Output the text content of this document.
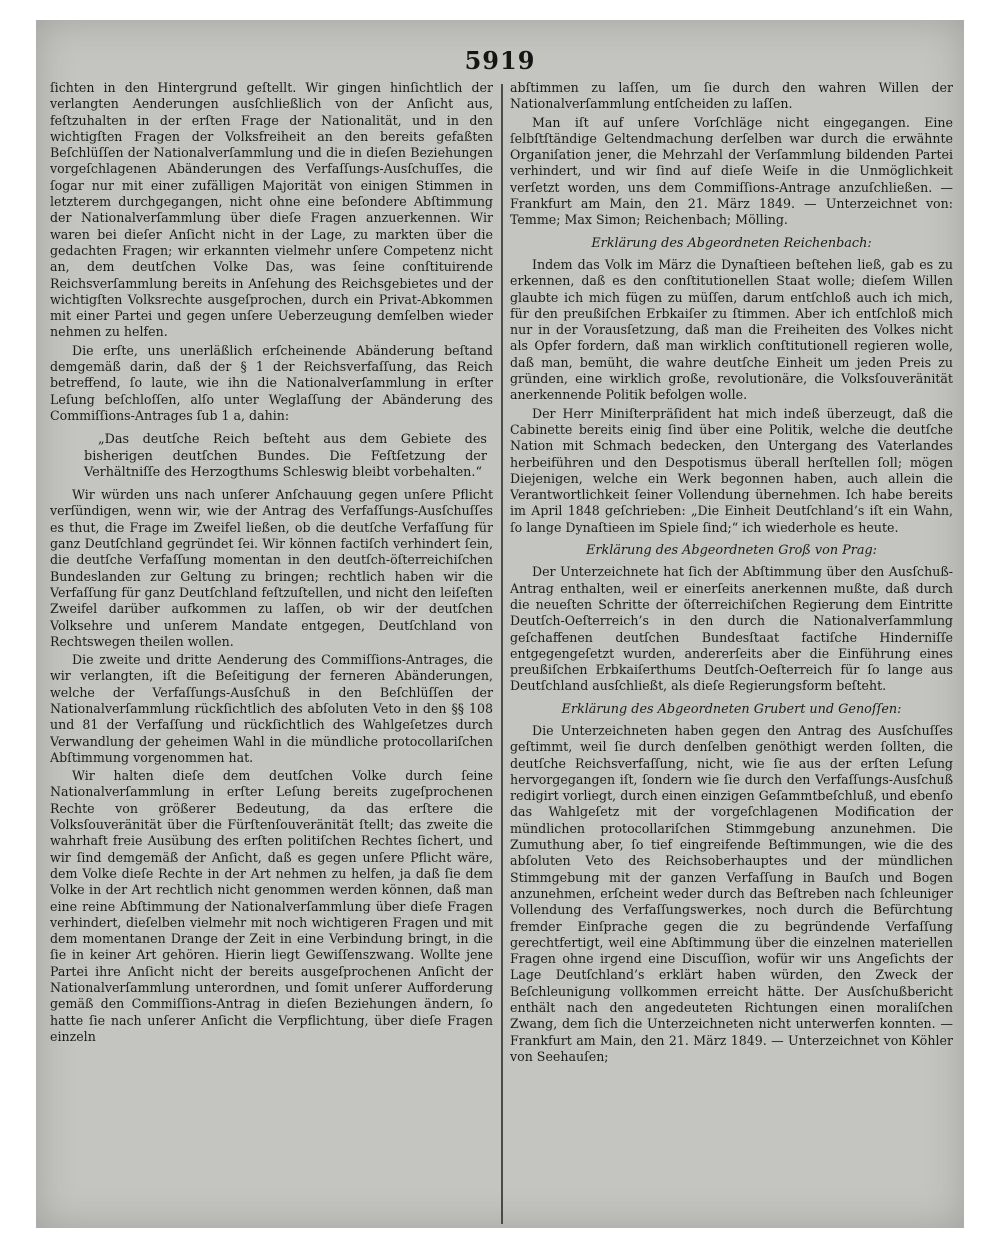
5919

ſichten in den Hintergrund geſtellt. Wir gingen hinſichtlich der verlangten Aenderungen ausſchließlich von der Anſicht aus, feſtzuhalten in der erſten Frage der Nationalität, und in den wichtigſten Fragen der Volksfreiheit an den bereits gefaßten Beſchlüſſen der Nationalverſammlung und die in dieſen Beziehungen vorgeſchlagenen Abänderungen des Verfaſſungs-Ausſchuſſes, die ſogar nur mit einer zufälligen Majorität von einigen Stimmen in letzterem durchgegangen, nicht ohne eine beſondere Abſtimmung der Nationalverſammlung über dieſe Fragen anzuerkennen. Wir waren bei dieſer Anſicht nicht in der Lage, zu markten über die gedachten Fragen; wir erkannten vielmehr unſere Competenz nicht an, dem deutſchen Volke Das, was ſeine conſtituirende Reichsverſammlung bereits in Anſehung des Reichsgebietes und der wichtigſten Volksrechte ausgeſprochen, durch ein Privat-Abkommen mit einer Partei und gegen unſere Ueberzeugung demſelben wieder nehmen zu helfen.

Die erſte, uns unerläßlich erſcheinende Abänderung beſtand demgemäß darin, daß der § 1 der Reichsverfaſſung, das Reich betreffend, ſo laute, wie ihn die Nationalverſammlung in erſter Leſung beſchloſſen, alſo unter Weglaſſung der Abänderung des Commiſſions-Antrages ſub 1 a, dahin:

„Das deutſche Reich beſteht aus dem Gebiete des bisherigen deutſchen Bundes. Die Feſtſetzung der Verhältniſſe des Herzogthums Schleswig bleibt vorbehalten.“

Wir würden uns nach unſerer Anſchauung gegen unſere Pflicht verſündigen, wenn wir, wie der Antrag des Verfaſſungs-Ausſchuſſes es thut, die Frage im Zweifel ließen, ob die deutſche Verfaſſung für ganz Deutſchland gegründet ſei. Wir können factiſch verhindert ſein, die deutſche Verfaſſung momentan in den deutſch-öſterreichiſchen Bundeslanden zur Geltung zu bringen; rechtlich haben wir die Verfaſſung für ganz Deutſchland feſtzuſtellen, und nicht den leiſeſten Zweifel darüber aufkommen zu laſſen, ob wir der deutſchen Volksehre und unſerem Mandate entgegen, Deutſchland von Rechtswegen theilen wollen.

Die zweite und dritte Aenderung des Commiſſions-Antrages, die wir verlangten, iſt die Beſeitigung der ferneren Abänderungen, welche der Verfaſſungs-Ausſchuß in den Beſchlüſſen der Nationalverſammlung rückſichtlich des abſoluten Veto in den §§ 108 und 81 der Verfaſſung und rückſichtlich des Wahlgeſetzes durch Verwandlung der geheimen Wahl in die mündliche protocollariſchen Abſtimmung vorgenommen hat.

Wir halten dieſe dem deutſchen Volke durch ſeine Nationalverſammlung in erſter Leſung bereits zugeſprochenen Rechte von größerer Bedeutung, da das erſtere die Volksſouveränität über die Fürſtenſouveränität ſtellt; das zweite die wahrhaft freie Ausübung des erſten politiſchen Rechtes ſichert, und wir ſind demgemäß der Anſicht, daß es gegen unſere Pflicht wäre, dem Volke dieſe Rechte in der Art nehmen zu helfen, ja daß ſie dem Volke in der Art rechtlich nicht genommen werden können, daß man eine reine Abſtimmung der Nationalverſammlung über dieſe Fragen verhindert, dieſelben vielmehr mit noch wichtigeren Fragen und mit dem momentanen Drange der Zeit in eine Verbindung bringt, in die ſie in keiner Art gehören. Hierin liegt Gewiſſenszwang. Wollte jene Partei ihre Anſicht nicht der bereits ausgeſprochenen Anſicht der Nationalverſammlung unterordnen, und ſomit unſerer Aufforderung gemäß den Commiſſions-Antrag in dieſen Beziehungen ändern, ſo hatte ſie nach unſerer Anſicht die Verpflichtung, über dieſe Fragen einzeln

abſtimmen zu laſſen, um ſie durch den wahren Willen der Nationalverſammlung entſcheiden zu laſſen.

Man iſt auf unſere Vorſchläge nicht eingegangen. Eine ſelbſtſtändige Geltendmachung derſelben war durch die erwähnte Organiſation jener, die Mehrzahl der Verſammlung bildenden Partei verhindert, und wir ſind auf dieſe Weiſe in die Unmöglichkeit verſetzt worden, uns dem Commiſſions-Antrage anzuſchließen. — Frankfurt am Main, den 21. März 1849. — Unterzeichnet von: Temme; Max Simon; Reichenbach; Mölling.

Erklärung des Abgeordneten Reichenbach:

Indem das Volk im März die Dynaſtieen beſtehen ließ, gab es zu erkennen, daß es den conſtitutionellen Staat wolle; dieſem Willen glaubte ich mich fügen zu müſſen, darum entſchloß auch ich mich, für den preußiſchen Erbkaiſer zu ſtimmen. Aber ich entſchloß mich nur in der Vorausſetzung, daß man die Freiheiten des Volkes nicht als Opfer fordern, daß man wirklich conſtitutionell regieren wolle, daß man, bemüht, die wahre deutſche Einheit um jeden Preis zu gründen, eine wirklich große, revolutionäre, die Volksſouveränität anerkennende Politik befolgen wolle.

Der Herr Miniſterpräſident hat mich indeß überzeugt, daß die Cabinette bereits einig ſind über eine Politik, welche die deutſche Nation mit Schmach bedecken, den Untergang des Vaterlandes herbeiführen und den Despotismus überall herſtellen ſoll; mögen Diejenigen, welche ein Werk begonnen haben, auch allein die Verantwortlichkeit ſeiner Vollendung übernehmen. Ich habe bereits im April 1848 geſchrieben: „Die Einheit Deutſchland’s iſt ein Wahn, ſo lange Dynaſtieen im Spiele ſind;“ ich wiederhole es heute.

Erklärung des Abgeordneten Groß von Prag:

Der Unterzeichnete hat ſich der Abſtimmung über den Ausſchuß-Antrag enthalten, weil er einerſeits anerkennen mußte, daß durch die neueſten Schritte der öſterreichiſchen Regierung dem Eintritte Deutſch-Oeſterreich’s in den durch die Nationalverſammlung geſchaffenen deutſchen Bundesſtaat factiſche Hinderniſſe entgegengeſetzt wurden, andererſeits aber die Einführung eines preußiſchen Erbkaiſerthums Deutſch-Oeſterreich für ſo lange aus Deutſchland ausſchließt, als dieſe Regierungsform beſteht.

Erklärung des Abgeordneten Grubert und Genoſſen:

Die Unterzeichneten haben gegen den Antrag des Ausſchuſſes geſtimmt, weil ſie durch denſelben genöthigt werden ſollten, die deutſche Reichsverfaſſung, nicht, wie ſie aus der erſten Leſung hervorgegangen iſt, ſondern wie ſie durch den Verfaſſungs-Ausſchuß redigirt vorliegt, durch einen einzigen Geſammtbeſchluß, und ebenſo das Wahlgeſetz mit der vorgeſchlagenen Modification der mündlichen protocollariſchen Stimmgebung anzunehmen. Die Zumuthung aber, ſo tief eingreifende Beſtimmungen, wie die des abſoluten Veto des Reichsoberhauptes und der mündlichen Stimmgebung mit der ganzen Verfaſſung in Bauſch und Bogen anzunehmen, erſcheint weder durch das Beſtreben nach ſchleuniger Vollendung des Verfaſſungswerkes, noch durch die Befürchtung fremder Einſprache gegen die zu begründende Verfaſſung gerechtfertigt, weil eine Abſtimmung über die einzelnen materiellen Fragen ohne irgend eine Discuſſion, wofür wir uns Angeſichts der Lage Deutſchland’s erklärt haben würden, den Zweck der Beſchleunigung vollkommen erreicht hätte. Der Ausſchußbericht enthält nach den angedeuteten Richtungen einen moraliſchen Zwang, dem ſich die Unterzeichneten nicht unterwerfen konnten. — Frankfurt am Main, den 21. März 1849. — Unterzeichnet von Köhler von Seehauſen;
